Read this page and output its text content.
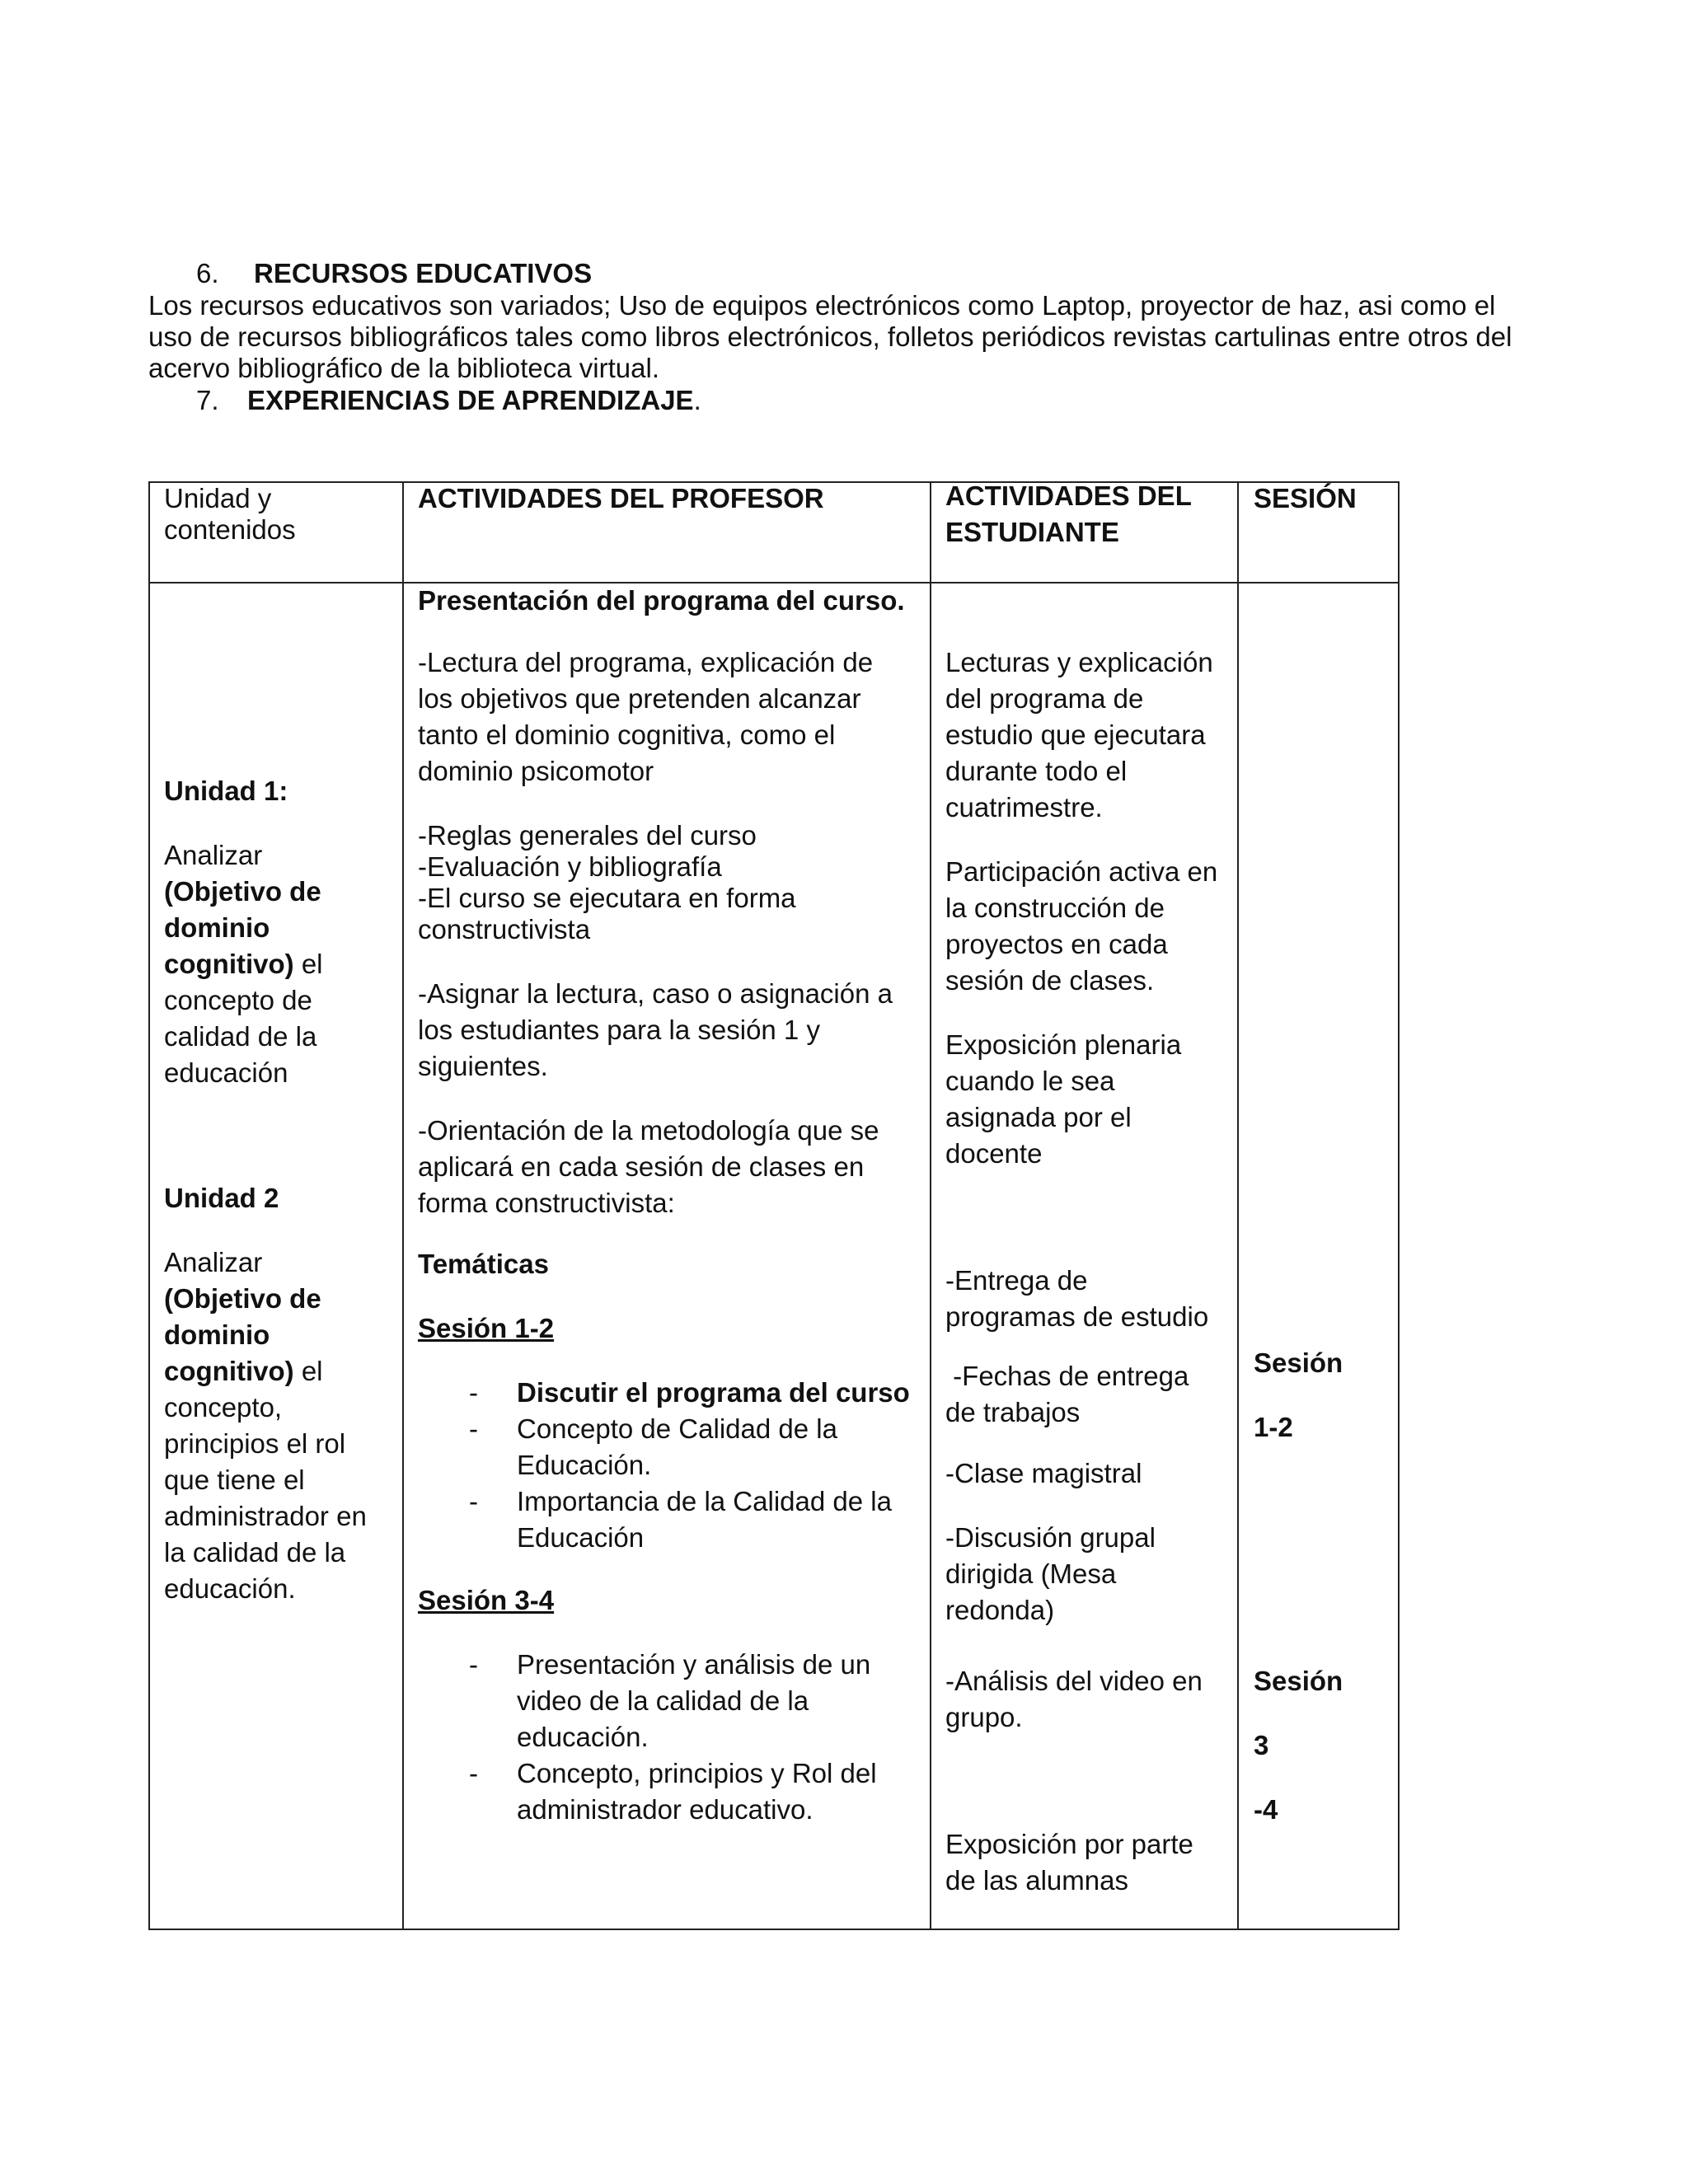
6. RECURSOS EDUCATIVOS
Los recursos educativos son variados; Uso de equipos electrónicos como Laptop, proyector de haz, asi como el uso de recursos bibliográficos tales como libros electrónicos, folletos periódicos revistas cartulinas entre otros del acervo bibliográfico de la biblioteca virtual.
7. EXPERIENCIAS DE APRENDIZAJE.

Unidad y

contenidos

ACTIVIDADES DEL PROFESOR	ACTIVIDADES DEL

ESTUDIANTE

SESIÓN

Unidad 1:

Analizar

(Objetivo de

dominio

cognitivo) el

concepto de

calidad de la

educación

Unidad 2

Analizar

(Objetivo de

dominio

cognitivo) el

concepto,

principios el rol

que tiene el

administrador en

la calidad de la

educación.

Presentación del programa del curso.

-Lectura del programa, explicación de

los objetivos que pretenden alcanzar

tanto el dominio cognitiva, como el

dominio psicomotor

-Reglas generales del curso

-Evaluación y bibliografía

-El curso se ejecutara en forma

constructivista

-Asignar la lectura, caso o asignación a

los estudiantes para la sesión 1 y

siguientes.

-Orientación de la metodología que se

aplicará en cada sesión de clases en

forma constructivista:

Temáticas
Sesión 1-2
- Discutir el programa del curso

- Concepto de Calidad de la

Educación.

- Importancia de la Calidad de la

Educación

Sesión 3-4
- Presentación y análisis de un

video de la calidad de la

educación.

- Concepto, principios y Rol del

administrador educativo.

Lecturas y explicación

del programa de

estudio que ejecutara

durante todo el

cuatrimestre.

Participación activa en

la construcción de

proyectos en cada

sesión de clases.

Exposición plenaria

cuando le sea

asignada por el

docente

-Entrega de

programas de estudio

-Fechas de entrega

de trabajos

-Clase magistral

-Discusión grupal

dirigida (Mesa

redonda)

-Análisis del video en

grupo.

Exposición por parte

de las alumnas

Sesión
1-2
Sesión
3
-4
